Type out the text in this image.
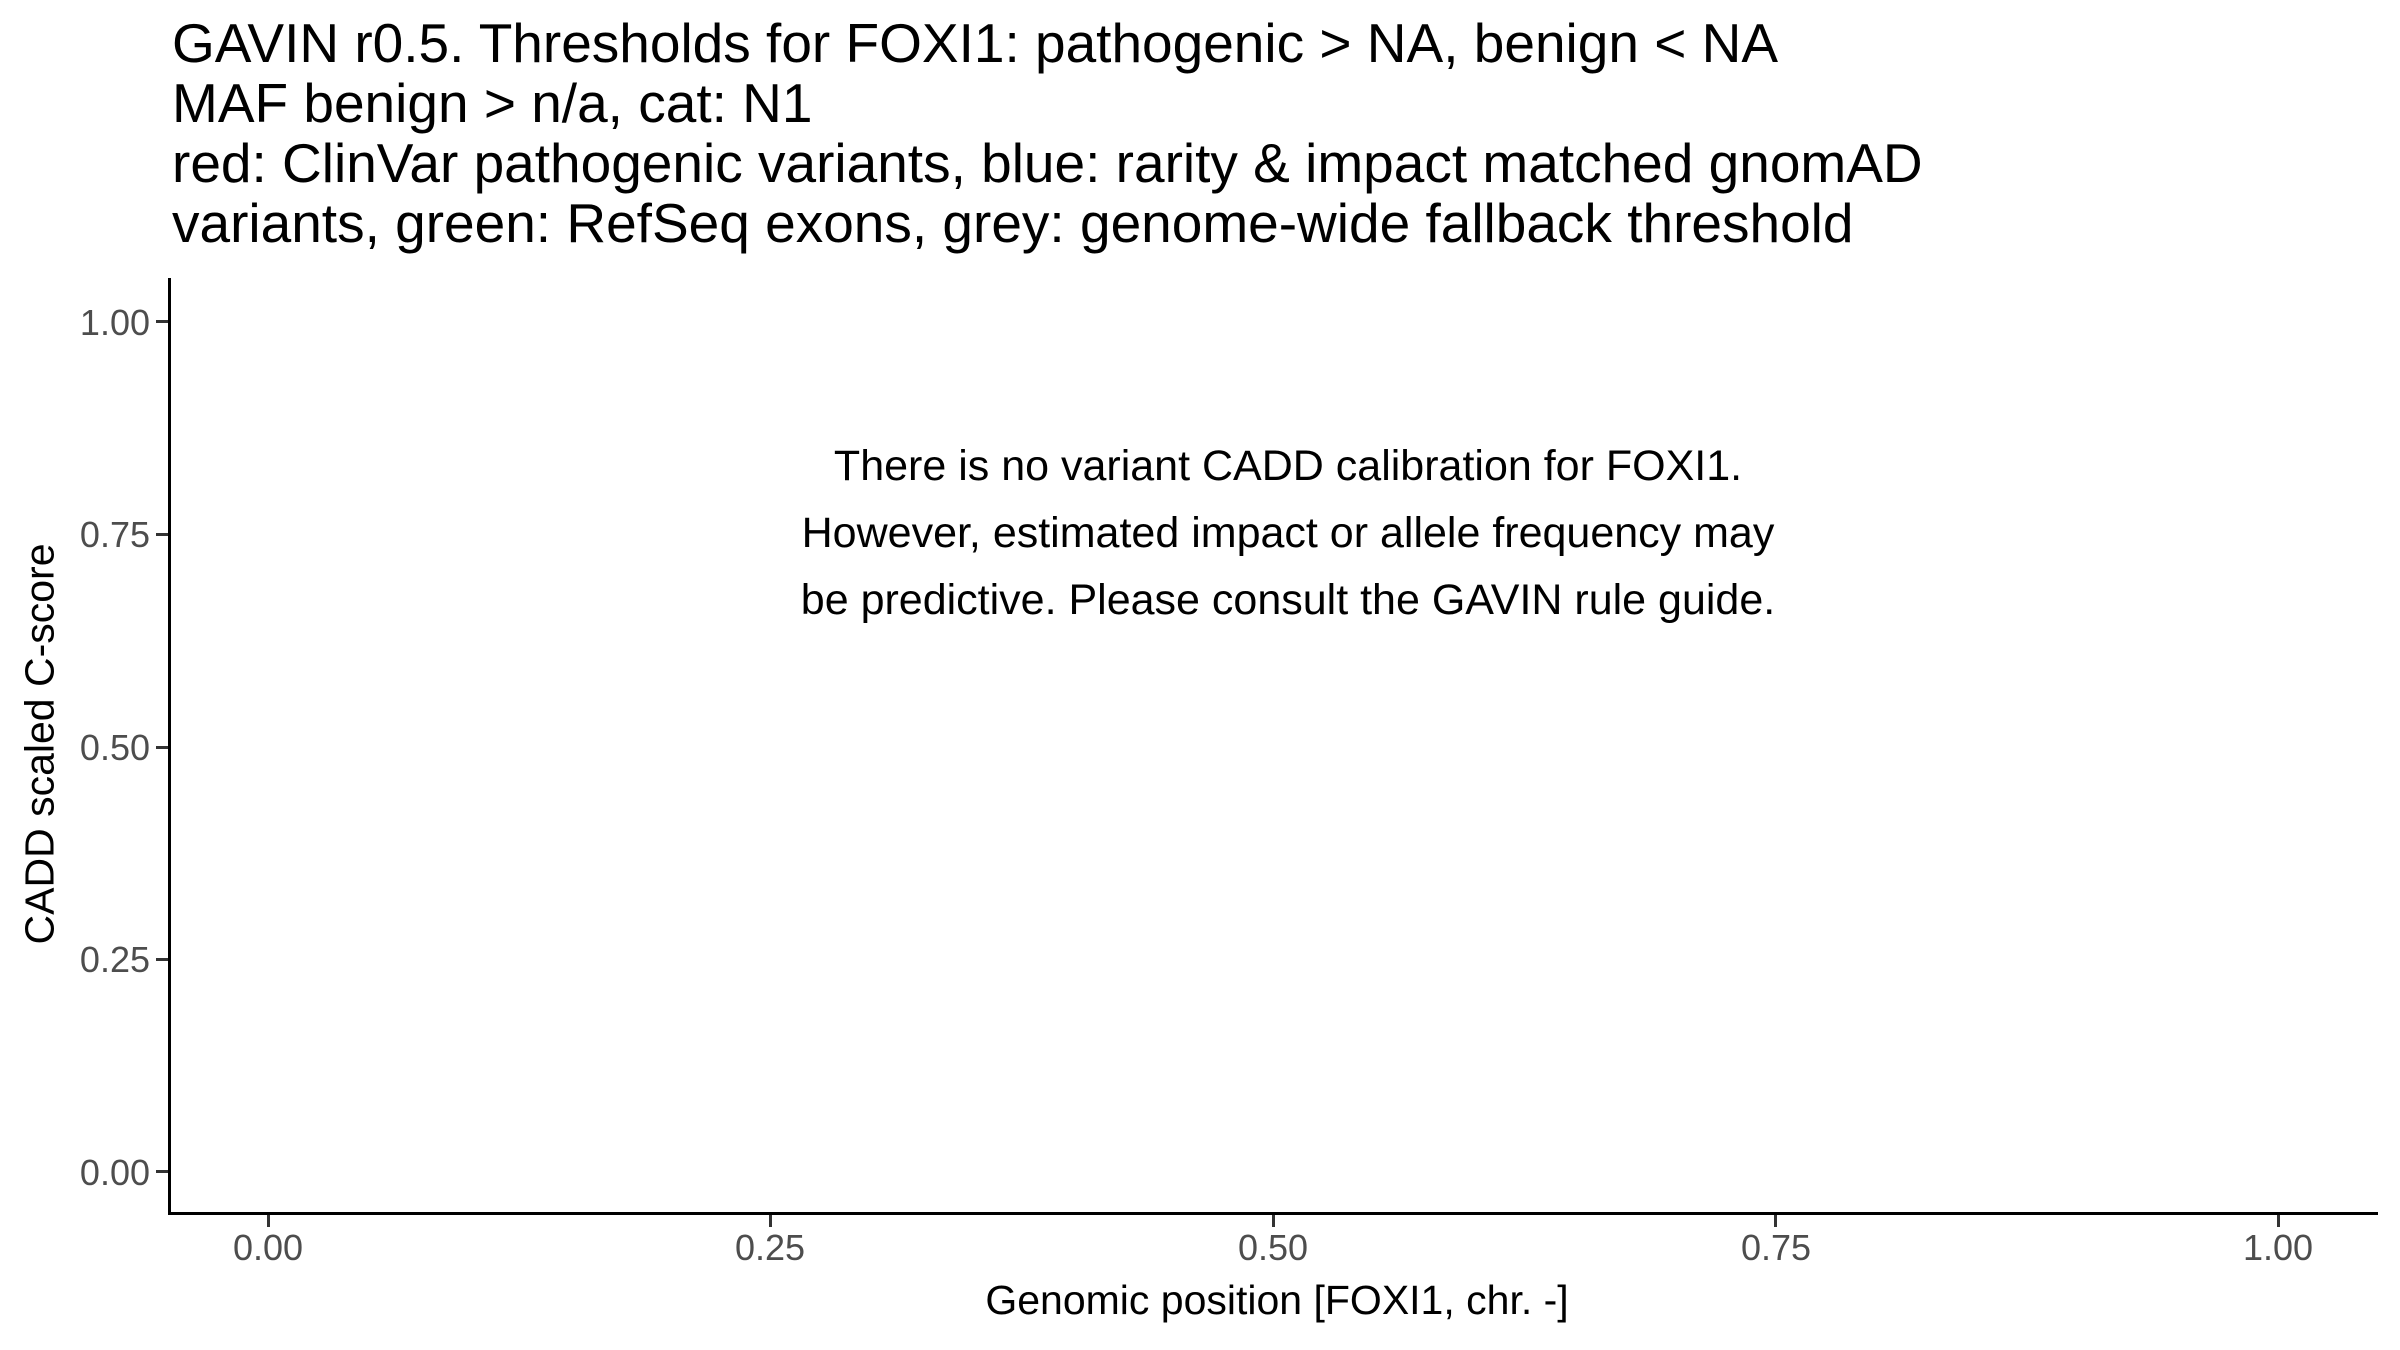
GAVIN r0.5. Thresholds for FOXI1: pathogenic > NA, benign < NA
MAF benign > n/a, cat: N1
red: ClinVar pathogenic variants, blue: rarity & impact matched gnomAD
variants, green: RefSeq exons, grey: genome-wide fallback threshold
CADD scaled C-score
Genomic position [FOXI1, chr. -]
1.00
0.75
0.50
0.25
0.00
0.00	0.25	0.50	0.75	1.00
There is no variant CADD calibration for FOXI1.
However, estimated impact or allele frequency may
be predictive. Please consult the GAVIN rule guide.
